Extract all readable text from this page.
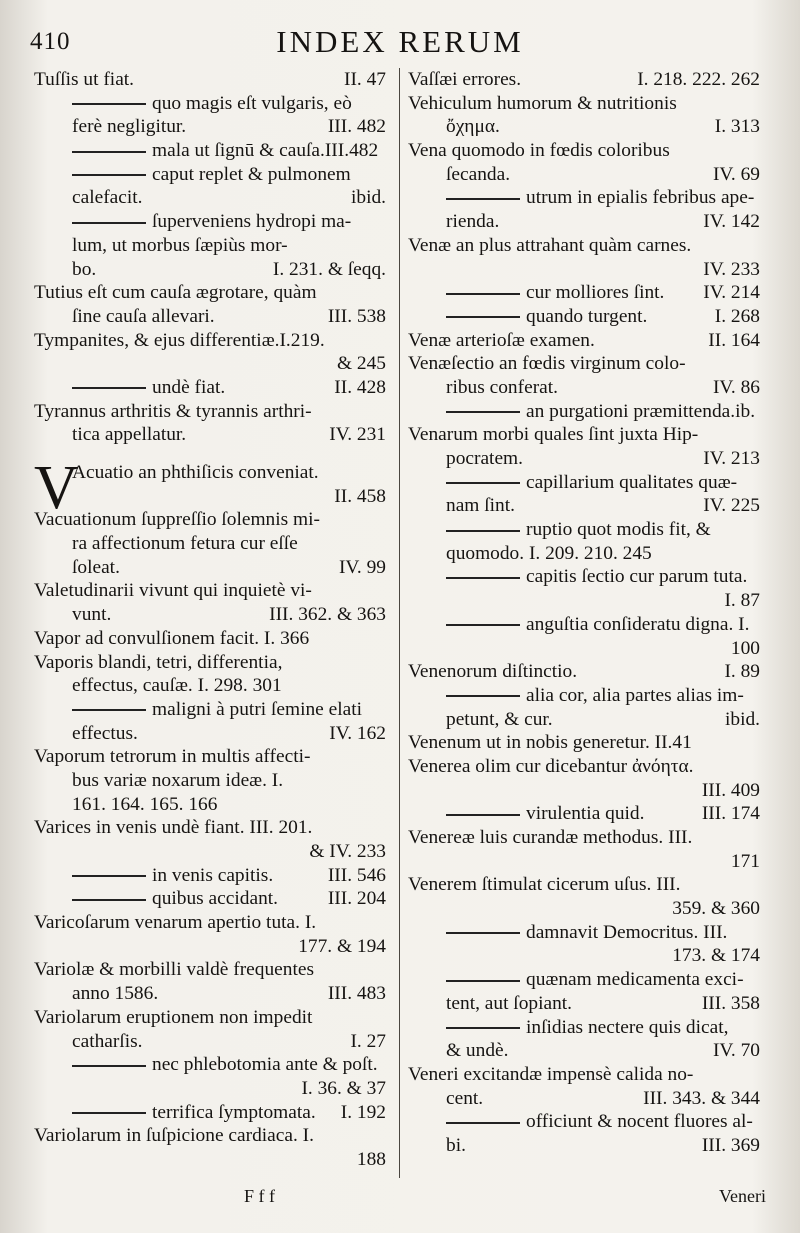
410	INDEX RERUM
Tuſſis ut fiat.	II. 47
quo magis eſt vulgaris, eò
ferè negligitur.	III. 482
mala ut ſignū & cauſa.III.482
caput replet & pulmonem
calefacit.	ibid.
ſuperveniens hydropi ma-
lum, ut morbus ſæpiùs mor-
bo.	I. 231. & ſeqq.
Tutius eſt cum cauſa ægrotare, quàm
ſine cauſa allevari.	III. 538
Tympanites, & ejus differentiæ.I.219.
& 245
undè fiat.	II. 428
Tyrannus arthritis & tyrannis arthri-
tica appellatur.	IV. 231
V
Acuatio an phthiſicis conveniat.
II. 458
Vacuationum ſuppreſſio ſolemnis mi-
ra affectionum fetura cur eſſe
ſoleat.	IV. 99
Valetudinarii vivunt qui inquietè vi-
vunt.	III. 362. & 363
Vapor ad convulſionem facit. I. 366
Vaporis blandi, tetri, differentia,
effectus, cauſæ. I. 298. 301
maligni à putri ſemine elati
effectus.	IV. 162
Vaporum tetrorum in multis affecti-
bus variæ noxarum ideæ. I.
161. 164. 165. 166
Varices in venis undè fiant. III. 201.
& IV. 233
in venis capitis.	III. 546
quibus accidant.	III. 204
Varicoſarum venarum apertio tuta. I.
177. & 194
Variolæ & morbilli valdè frequentes
anno 1586.	III. 483
Variolarum eruptionem non impedit
catharſis.	I. 27
nec phlebotomia ante & poſt.
I. 36. & 37
terrifica ſymptomata. I. 192
Variolarum in ſuſpicione cardiaca. I.
188
Vaſſæi errores.	I. 218. 222. 262
Vehiculum humorum & nutritionis
ὄχημα.	I. 313
Vena quomodo in fœdis coloribus
ſecanda.	IV. 69
utrum in epialis febribus ape-
rienda.	IV. 142
Venæ an plus attrahant quàm carnes.
IV. 233
cur molliores ſint. IV. 214
quando turgent.	I. 268
Venæ arterioſæ examen.	II. 164
Venæſectio an fœdis virginum colo-
ribus conferat.	IV. 86
an purgationi præmittenda.ib.
Venarum morbi quales ſint juxta Hip-
pocratem.	IV. 213
capillarium qualitates quæ-
nam ſint.	IV. 225
ruptio quot modis fit, &
quomodo. I. 209. 210. 245
capitis ſectio cur parum tuta.
I. 87
anguſtia conſideratu digna. I.
100
Venenorum diſtinctio.	I. 89
alia cor, alia partes alias im-
petunt, & cur.	ibid.
Venenum ut in nobis generetur. II.41
Venerea olim cur dicebantur ἀνόητα.
III. 409
virulentia quid.	III. 174
Venereæ luis curandæ methodus. III.
171
Venerem ſtimulat cicerum uſus. III.
359. & 360
damnavit Democritus. III.
173. & 174
quænam medicamenta exci-
tent, aut ſopiant.	III. 358
inſidias nectere quis dicat,
& undè.	IV. 70
Veneri excitandæ impensè calida no-
cent.	III. 343. & 344
officiunt & nocent fluores al-
bi.	III. 369
F f f	Veneri
